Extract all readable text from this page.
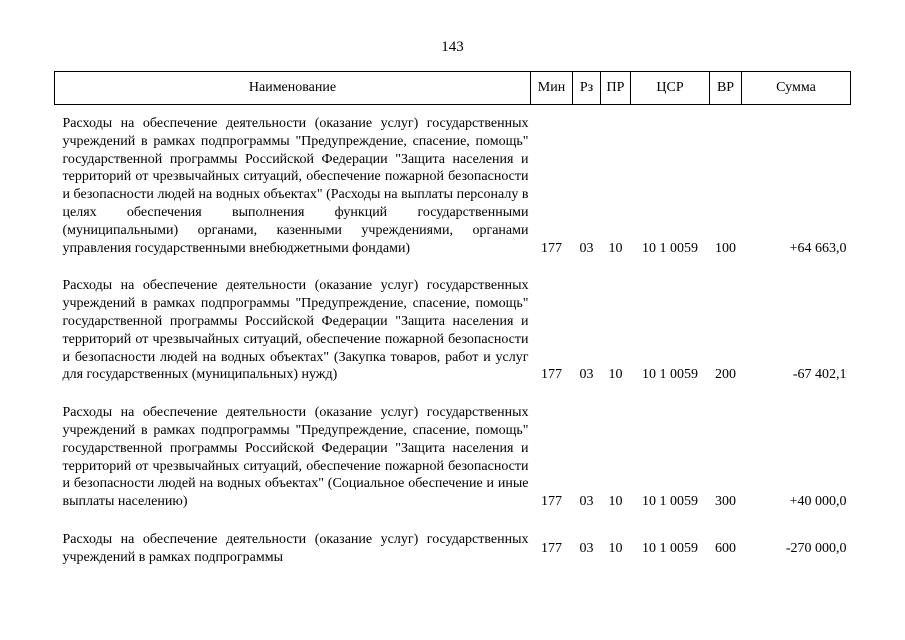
143
Наименование	Мин	Рз	ПР	ЦСР	ВР	Сумма
Расходы на обеспечение деятельности (оказание услуг) государственных учреждений в рамках подпрограммы "Предупреждение, спасение, помощь" государственной программы Российской Федерации "Защита населения и территорий от чрезвычайных ситуаций, обеспечение пожарной безопасности и безопасности людей на водных объектах" (Расходы на выплаты персоналу в целях обеспечения выполнения функций государственными (муниципальными) органами, казенными учреждениями, органами управления государственными внебюджетными фондами)	177	03	10	10 1 0059	100	+64 663,0
Расходы на обеспечение деятельности (оказание услуг) государственных учреждений в рамках подпрограммы "Предупреждение, спасение, помощь" государственной программы Российской Федерации "Защита населения и территорий от чрезвычайных ситуаций, обеспечение пожарной безопасности и безопасности людей на водных объектах" (Закупка товаров, работ и услуг для государственных (муниципальных) нужд)	177	03	10	10 1 0059	200	-67 402,1
Расходы на обеспечение деятельности (оказание услуг) государственных учреждений в рамках подпрограммы "Предупреждение, спасение, помощь" государственной программы Российской Федерации "Защита населения и территорий от чрезвычайных ситуаций, обеспечение пожарной безопасности и безопасности людей на водных объектах" (Социальное обеспечение и иные выплаты населению)	177	03	10	10 1 0059	300	+40 000,0
Расходы на обеспечение деятельности (оказание услуг) государственных учреждений в рамках подпрограммы	177	03	10	10 1 0059	600	-270 000,0
